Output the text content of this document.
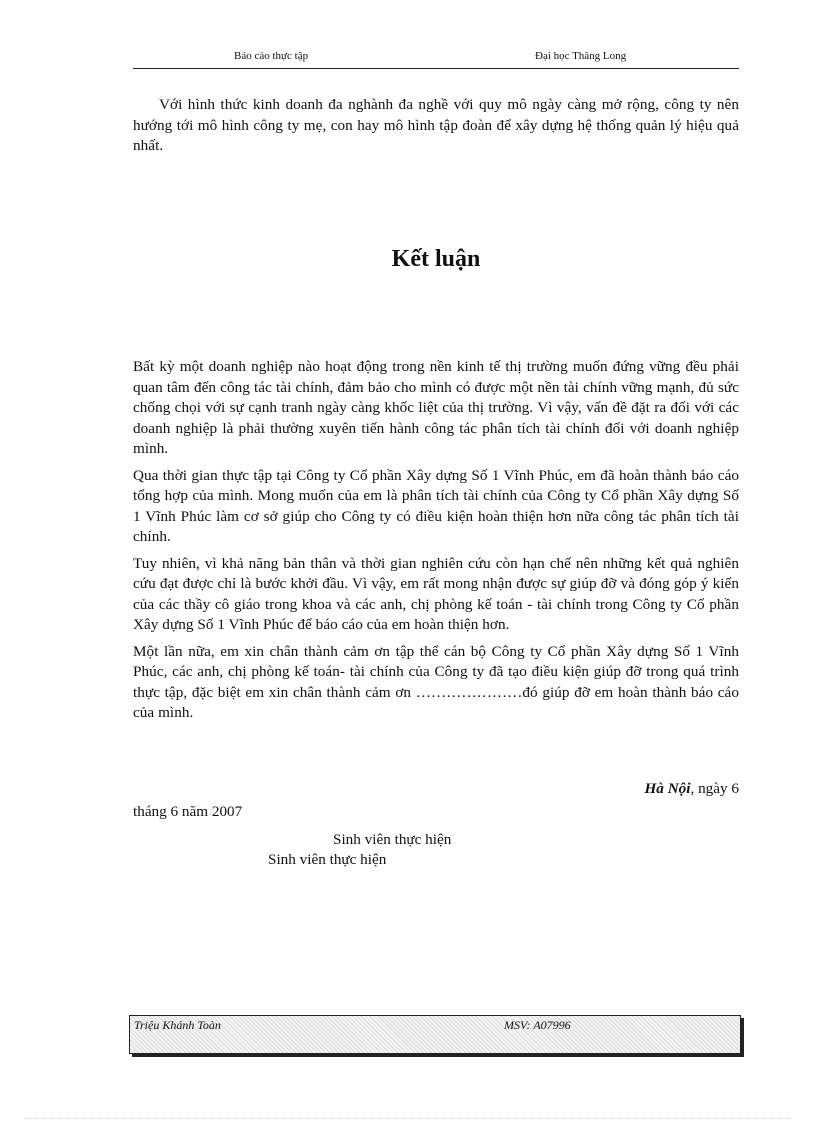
Báo cáo thực tập	Đại học Thăng Long
Với hình thức kinh doanh đa nghành đa nghề với quy mô ngày càng mở rộng, công ty nên hướng tới mô hình công ty mẹ, con hay mô hình tập đoàn để xây dựng hệ thống quản lý hiệu quả nhất.
Kết luận

Bất kỳ một doanh nghiệp nào hoạt động trong nền kinh tế thị trường muốn đứng vững đều phải quan tâm đến công tác tài chính, đảm bảo cho mình có được một nền tài chính vững mạnh, đủ sức chống chọi với sự cạnh tranh ngày càng khốc liệt của thị trường. Vì vậy, vấn đề đặt ra đối với các doanh nghiệp là phải thường xuyên tiến hành công tác phân tích tài chính đối với doanh nghiệp mình.

Qua thời gian thực tập tại Công ty Cổ phần Xây dựng Số 1 Vĩnh Phúc, em đã hoàn thành báo cáo tổng hợp của mình. Mong muốn của em là phân tích tài chính của Công ty Cổ phần Xây dựng Số 1 Vĩnh Phúc làm cơ sở giúp cho Công ty có điều kiện hoàn thiện hơn nữa công tác phân tích tài chính.

Tuy nhiên, vì khả năng bản thân và thời gian nghiên cứu còn hạn chế nên những kết quả nghiên cứu đạt được chỉ là bước khởi đầu. Vì vậy, em rất mong nhận được sự giúp đỡ và đóng góp ý kiến của các thầy cô giáo trong khoa và các anh, chị phòng kế toán - tài chính trong Công ty Cổ phần Xây dựng Số 1 Vĩnh Phúc để báo cáo của em hoàn thiện hơn.

Một lần nữa, em xin chân thành cảm ơn tập thể cán bộ Công ty Cổ phần Xây dựng Số 1 Vĩnh Phúc, các anh, chị phòng kế toán- tài chính của Công ty đã tạo điều kiện giúp đỡ trong quá trình thực tập, đặc biệt em xin chân thành cảm ơn …………………đó giúp đỡ em hoàn thành báo cáo của mình.

Hà Nội, ngày 6
tháng 6 năm 2007
Sinh viên thực hiện
Sinh viên thực hiện
Triệu Khánh Toàn	MSV: A07996
